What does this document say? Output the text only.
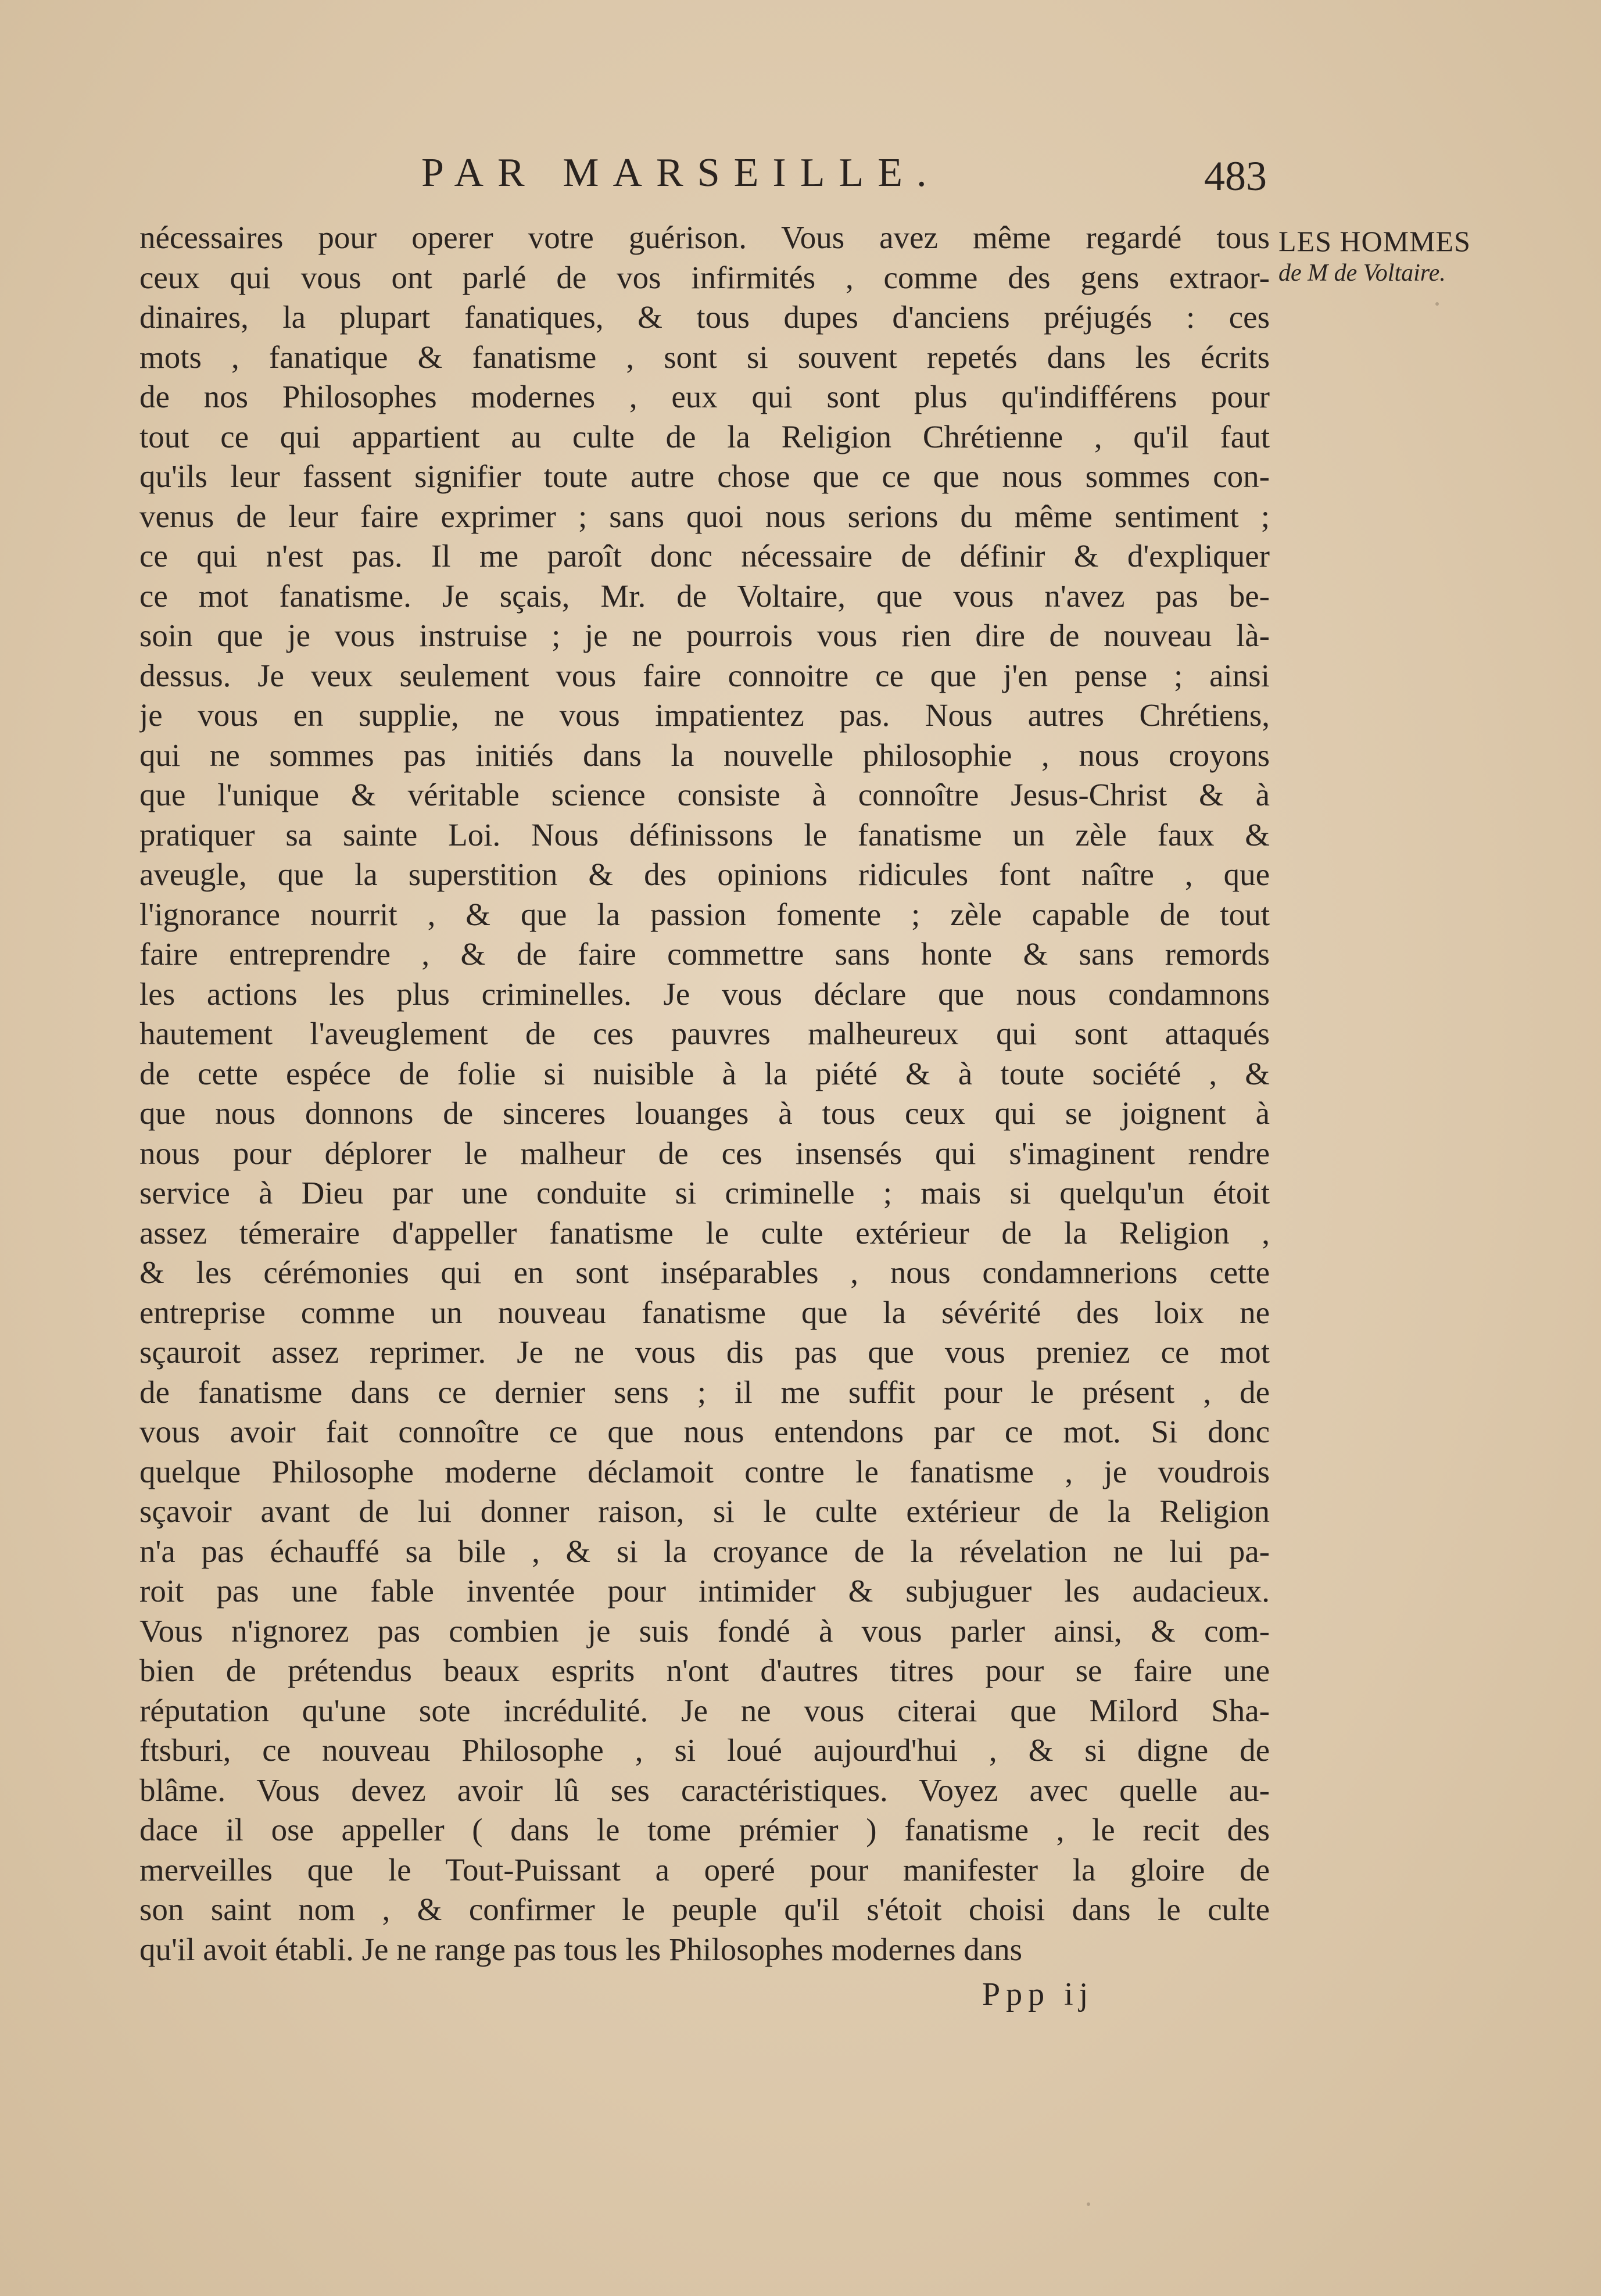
PAR MARSEILLE.	483
LES HOMMES
de M de Voltaire.
nécessaires pour operer votre guérison. Vous avez même regardé tous
ceux qui vous ont parlé de vos infirmités , comme des gens extraor-
dinaires, la plupart fanatiques, & tous dupes d'anciens préjugés : ces
mots , fanatique & fanatisme , sont si souvent repetés dans les écrits
de nos Philosophes modernes , eux qui sont plus qu'indifférens pour
tout ce qui appartient au culte de la Religion Chrétienne , qu'il faut
qu'ils leur fassent signifier toute autre chose que ce que nous sommes con-
venus de leur faire exprimer ; sans quoi nous serions du même sentiment ;
ce qui n'est pas. Il me paroît donc nécessaire de définir & d'expliquer
ce mot fanatisme. Je sçais, Mr. de Voltaire, que vous n'avez pas be-
soin que je vous instruise ; je ne pourrois vous rien dire de nouveau là-
dessus. Je veux seulement vous faire connoitre ce que j'en pense ; ainsi
je vous en supplie, ne vous impatientez pas. Nous autres Chrétiens,
qui ne sommes pas initiés dans la nouvelle philosophie , nous croyons
que l'unique & véritable science consiste à connoître Jesus-Christ & à
pratiquer sa sainte Loi. Nous définissons le fanatisme un zèle faux &
aveugle, que la superstition & des opinions ridicules font naître , que
l'ignorance nourrit , & que la passion fomente ; zèle capable de tout
faire entreprendre , & de faire commettre sans honte & sans remords
les actions les plus criminelles. Je vous déclare que nous condamnons
hautement l'aveuglement de ces pauvres malheureux qui sont attaqués
de cette espéce de folie si nuisible à la piété & à toute société , &
que nous donnons de sinceres louanges à tous ceux qui se joignent à
nous pour déplorer le malheur de ces insensés qui s'imaginent rendre
service à Dieu par une conduite si criminelle ; mais si quelqu'un étoit
assez témeraire d'appeller fanatisme le culte extérieur de la Religion ,
& les cérémonies qui en sont inséparables , nous condamnerions cette
entreprise comme un nouveau fanatisme que la sévérité des loix ne
sçauroit assez reprimer. Je ne vous dis pas que vous preniez ce mot
de fanatisme dans ce dernier sens ; il me suffit pour le présent , de
vous avoir fait connoître ce que nous entendons par ce mot. Si donc
quelque Philosophe moderne déclamoit contre le fanatisme , je voudrois
sçavoir avant de lui donner raison, si le culte extérieur de la Religion
n'a pas échauffé sa bile , & si la croyance de la révelation ne lui pa-
roit pas une fable inventée pour intimider & subjuguer les audacieux.
Vous n'ignorez pas combien je suis fondé à vous parler ainsi, & com-
bien de prétendus beaux esprits n'ont d'autres titres pour se faire une
réputation qu'une sote incrédulité. Je ne vous citerai que Milord Sha-
ftsburi, ce nouveau Philosophe , si loué aujourd'hui , & si digne de
blâme. Vous devez avoir lû ses caractéristiques. Voyez avec quelle au-
dace il ose appeller ( dans le tome prémier ) fanatisme , le recit des
merveilles que le Tout-Puissant a operé pour manifester la gloire de
son saint nom , & confirmer le peuple qu'il s'étoit choisi dans le culte
qu'il avoit établi. Je ne range pas tous les Philosophes modernes dans
Ppp ij
